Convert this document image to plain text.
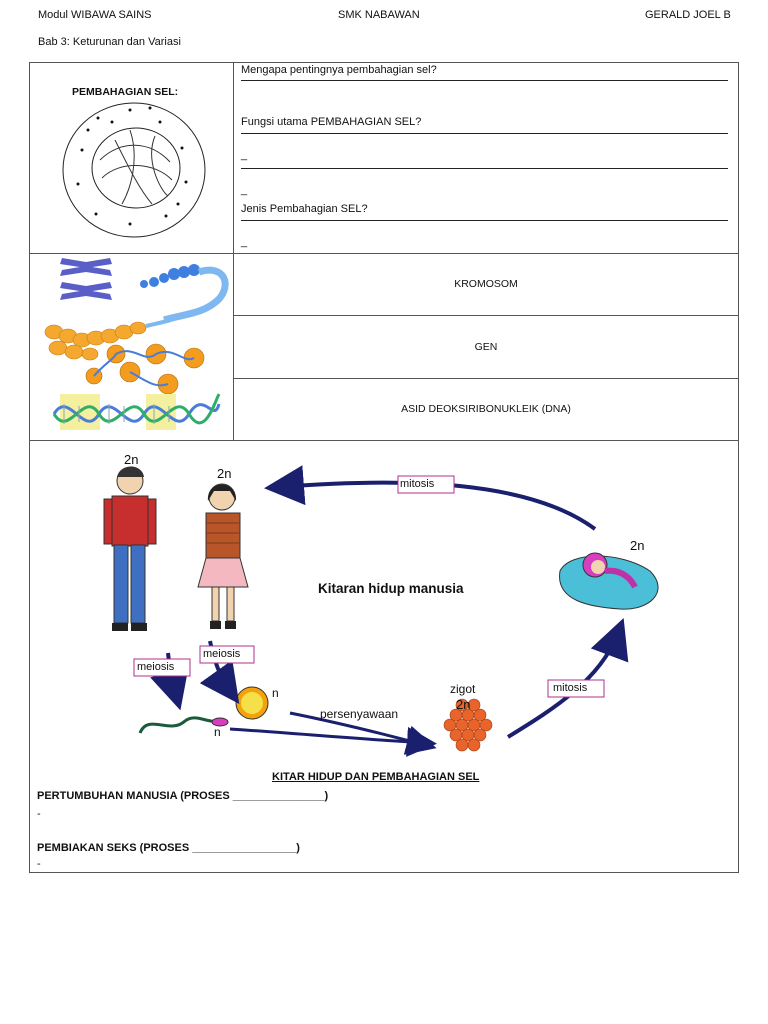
Modul WIBAWA SAINS	SMK NABAWAN	GERALD JOEL B
Bab 3: Keturunan dan Variasi
PEMBAHAGIAN SEL:
Mengapa pentingnya pembahagian sel?
Fungsi utama PEMBAHAGIAN SEL?
_
_
Jenis Pembahagian SEL?
_
KROMOSOM
GEN
ASID DEOKSIRIBONUKLEIK (DNA)
mitosis
meiosis
meiosis
mitosis
2n
2n
2n
2n
n
n
Kitaran hidup manusia
persenyawaan
zigot
KITAR HIDUP DAN PEMBAHAGIAN SEL
PERTUMBUHAN MANUSIA (PROSES _______________)
-
PEMBIAKAN SEKS (PROSES _________________)
-
